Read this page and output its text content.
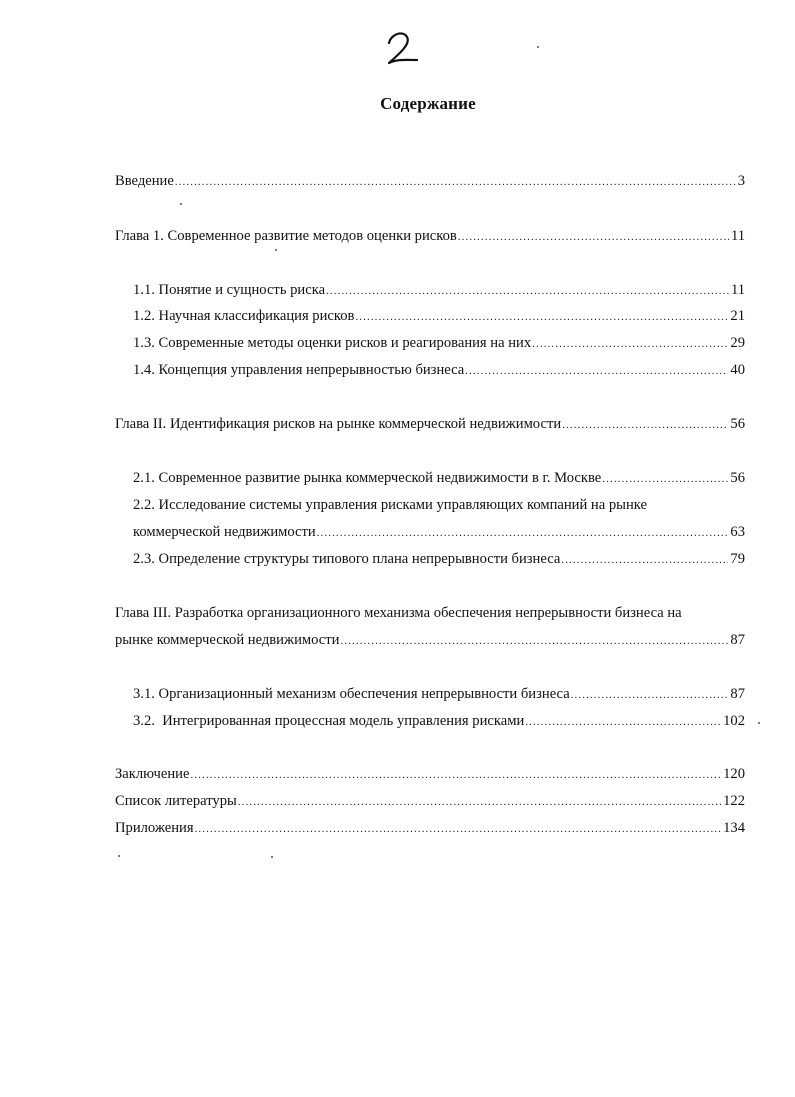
Содержание
Введение .....	3
Глава 1. Современное развитие методов оценки рисков .....	11
1.1. Понятие и сущность риска .....	11
1.2. Научная классификация рисков .....	21
1.3. Современные методы оценки рисков и реагирования на них .....	29
1.4. Концепция управления непрерывностью бизнеса .....	40
Глава II. Идентификация рисков на рынке коммерческой недвижимости .....	56
2.1. Современное развитие рынка коммерческой недвижимости в г. Москве .....	56
2.2. Исследование системы управления рисками управляющих компаний на рынке
коммерческой недвижимости .....	63
2.3. Определение структуры типового плана непрерывности бизнеса .....	79
Глава III. Разработка организационного механизма обеспечения непрерывности бизнеса на
рынке коммерческой недвижимости .....	87
3.1. Организационный механизм обеспечения непрерывности бизнеса .....	87
3.2.  Интегрированная процессная модель управления рисками .....	102
Заключение .....	120
Список литературы .....	122
Приложения .....	134
